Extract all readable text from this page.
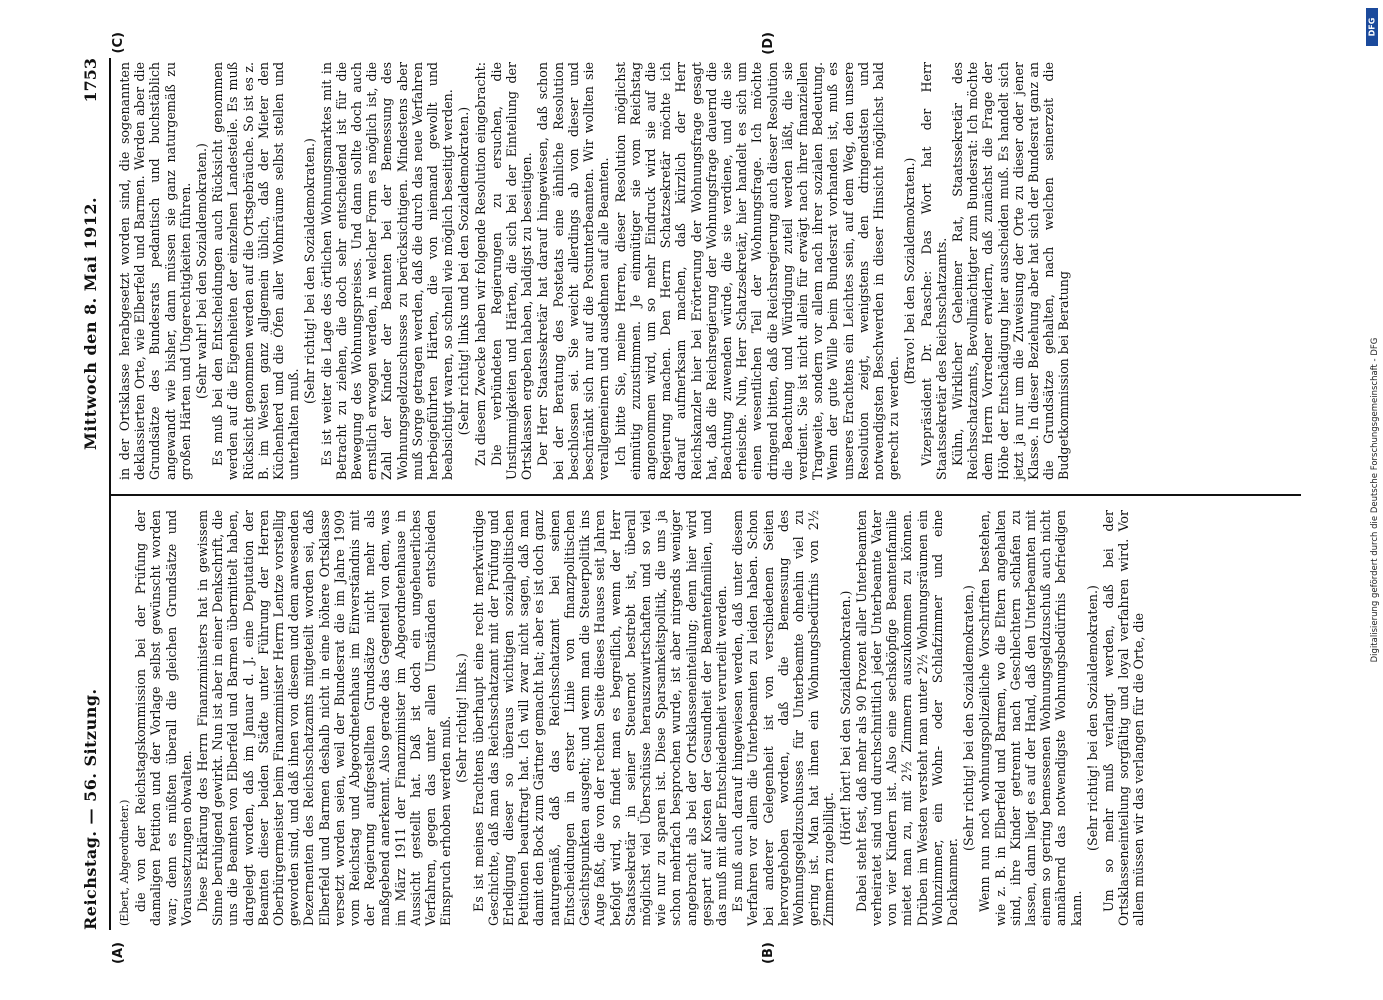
Reichstag. — 56. Sitzung.
Mittwoch den 8. Mai 1912.
1753

(Ebert, Abgeordneter.) die von der Reichstagskommission bei der Prüfung der damaligen Petition und der Vorlage selbst gewünscht worden war; denn es müßten überall die gleichen Grundsätze und Voraussetzungen obwalten. Diese Erklärung des Herrn Finanzministers hat in gewissem Sinne beruhigend gewirkt. Nun ist aber in einer Denkschrift, die uns die Beamten von Elberfeld und Barmen übermittelt haben, dargelegt worden, daß im Januar d. J. eine Deputation der Beamten dieser beiden Städte unter Führung der Herren Oberbürgermeister beim Finanzminister Herrn Lentze vorstellig geworden sind, und daß ihnen von diesem und dem anwesenden Dezernenten des Reichsschatzamts mitgeteilt worden sei, daß Elberfeld und Barmen deshalb nicht in eine höhere Ortsklasse versetzt worden seien, weil der Bundesrat die im Jahre 1909 vom Reichstag und Abgeordnetenhaus im Einverständnis mit der Regierung aufgestellten Grundsätze nicht mehr als maßgebend anerkennt. Also gerade das Gegenteil von dem, was im März 1911 der Finanzminister im Abgeordnetenhause in Aussicht gestellt hat. Daß ist doch ein ungeheuerliches Verfahren, gegen das unter allen Umständen entschieden Einspruch erhoben werden muß. (Sehr richtig! links.) Es ist meines Erachtens überhaupt eine recht merkwürdige Geschichte, daß man das Reichsschatzamt mit der Prüfung und Erledigung dieser so überaus wichtigen sozialpolitischen Petitionen beauftragt hat. Ich will zwar nicht sagen, daß man damit den Bock zum Gärtner gemacht hat; aber es ist doch ganz naturgemäß, daß das Reichsschatzamt bei seinen Entscheidungen in erster Linie von finanzpolitischen Gesichtspunkten ausgeht; und wenn man die Steuerpolitik ins Auge faßt, die von der rechten Seite dieses Hauses seit Jahren befolgt wird, so findet man es begreiflich, wenn der Herr Staatssekretär in seiner Steuernot bestrebt ist, überall möglichst viel Überschüsse herauszuwirtschaften und so viel wie nur zu sparen ist. Diese Sparsamkeitspolitik, die uns ja schon mehrfach besprochen wurde, ist aber nirgends weniger angebracht als bei der Ortsklasseneinteilung; denn hier wird gespart auf Kosten der Gesundheit der Beamtenfamilien, und das muß mit aller Entschiedenheit verurteilt werden. Es muß auch darauf hingewiesen werden, daß unter diesem Verfahren vor allem die Unterbeamten zu leiden haben. Schon bei anderer Gelegenheit ist von verschiedenen Seiten hervorgehoben worden, daß die Bemessung des Wohnungsgeldzuschusses für Unterbeamte ohnehin viel zu gering ist. Man hat ihnen ein Wohnungsbedürfnis von 2½ Zimmern zugebilligt.

(Hört! hört! bei den Sozialdemokraten.) Dabei steht fest, daß mehr als 90 Prozent aller Unterbeamten verheiratet sind und durchschnittlich jeder Unterbeamte Vater von vier Kindern ist. Also eine sechsköpfige Beamtenfamilie mietet man zu, mit 2½ Zimmern auszukommen zu können. Drüben im Westen versteht man unter 2½ Wohnungsräumen ein Wohnzimmer, ein Wohn- oder Schlafzimmer und eine Dachkammer.

(Sehr richtig! bei den Sozialdemokraten.) Wenn nun noch wohnungspolizeiliche Vorschriften bestehen, wie z. B. in Elberfeld und Barmen, wo die Eltern angehalten sind, ihre Kinder getrennt nach Geschlechtern schlafen zu lassen, dann liegt es auf der Hand, daß den Unterbeamten mit einem so gering bemessenen Wohnungsgeldzuschuß auch nicht annähernd das notwendigste Wohnungsbedürfnis befriedigen kann.

(Sehr richtig! bei den Sozialdemokraten.) Um so mehr muß verlangt werden, daß bei der Ortsklasseneinteilung sorgfältig und loyal verfahren wird. Vor allem müssen wir das verlangen für die Orte, die

in der Ortsklasse herabgesetzt worden sind, die sogenannten deklassierten Orte, wie Elberfeld und Barmen. Werden aber die Grundsätze des Bundesrats pedantisch und buchstäblich angewandt wie bisher, dann müssen sie ganz naturgemäß zu großen Härten und Ungerechtigkeiten führen. (Sehr wahr! bei den Sozialdemokraten.) Es muß bei den Entscheidungen auch Rücksicht genommen werden auf die Eigenheiten der einzelnen Landesteile. Es muß Rücksicht genommen werden auf die Ortsgebräuche. So ist es z. B. im Westen ganz allgemein üblich, daß der Mieter den Küchenherd und die Öfen aller Wohnräume selbst stellen und unterhalten muß.

(Sehr richtig! bei den Sozialdemokraten.) Es ist weiter die Lage des örtlichen Wohnungsmarktes mit in Betracht zu ziehen, die doch sehr entscheidend ist für die Bewegung des Wohnungspreises. Und dann sollte doch auch ernstlich erwogen werden, in welcher Form es möglich ist, die Zahl der Kinder der Beamten bei der Bemessung des Wohnungsgeldzuschusses zu berücksichtigen. Mindestens aber muß Sorge getragen werden, daß die durch das neue Verfahren herbeigeführten Härten, die von niemand gewollt und beabsichtigt waren, so schnell wie möglich beseitigt werden. (Sehr richtig! links und bei den Sozialdemokraten.) Zu diesem Zwecke haben wir folgende Resolution eingebracht: Die verbündeten Regierungen zu ersuchen, die Unstimmigkeiten und Härten, die sich bei der Einteilung der Ortsklassen ergeben haben, baldigst zu beseitigen. Der Herr Staatssekretär hat darauf hingewiesen, daß schon bei der Beratung des Postetats eine ähnliche Resolution beschlossen sei. Sie weicht allerdings ab von dieser und beschränkt sich nur auf die Postunterbeamten. Wir wollten sie verallgemeinern und ausdehnen auf alle Beamten. Ich bitte Sie, meine Herren, dieser Resolution möglichst einmütig zuzustimmen. Je einmütiger sie vom Reichstag angenommen wird, um so mehr Eindruck wird sie auf die Regierung machen. Den Herrn Schatzsekretär möchte ich darauf aufmerksam machen, daß kürzlich der Herr Reichskanzler hier bei Erörterung der Wohnungsfrage gesagt hat, daß die Reichsregierung der Wohnungsfrage dauernd die Beachtung zuwenden würde, die sie verdiene, und die sie erheische. Nun, Herr Schatzsekretär, hier handelt es sich um einen wesentlichen Teil der Wohnungsfrage. Ich möchte dringend bitten, daß die Reichsregierung auch dieser Resolution die Beachtung und Würdigung zuteil werden läßt, die sie verdient. Sie ist nicht allein für erwägt nach ihrer finanziellen Tragweite, sondern vor allem nach ihrer sozialen Bedeutung. Wenn der gute Wille beim Bundesrat vorhanden ist, muß es unseres Erachtens ein Leichtes sein, auf dem Weg, den unsere Resolution zeigt, wenigstens den dringendsten und notwendigsten Beschwerden in dieser Hinsicht möglichst bald gerecht zu werden.

(Bravo! bei den Sozialdemokraten.) Vizepräsident Dr. Paasche: Das Wort hat der Herr Staatssekretär des Reichsschatzamts. Kühn, Wirklicher Geheimer Rat, Staatssekretär des Reichsschatzamts, Bevollmächtigter zum Bundesrat: Ich möchte dem Herrn Vorredner erwidern, daß zunächst die Frage der Höhe der Entschädigung hier ausscheiden muß. Es handelt sich jetzt ja nur um die Zuweisung der Orte zu dieser oder jener Klasse. In dieser Beziehung aber hat sich der Bundesrat ganz an die Grundsätze gehalten, nach welchen seinerzeit die Budgetkommission bei Beratung

(A)	(B)
(C)	(D)
DFG
Digitalisierung gefördert durch die Deutsche Forschungsgemeinschaft - DFG
